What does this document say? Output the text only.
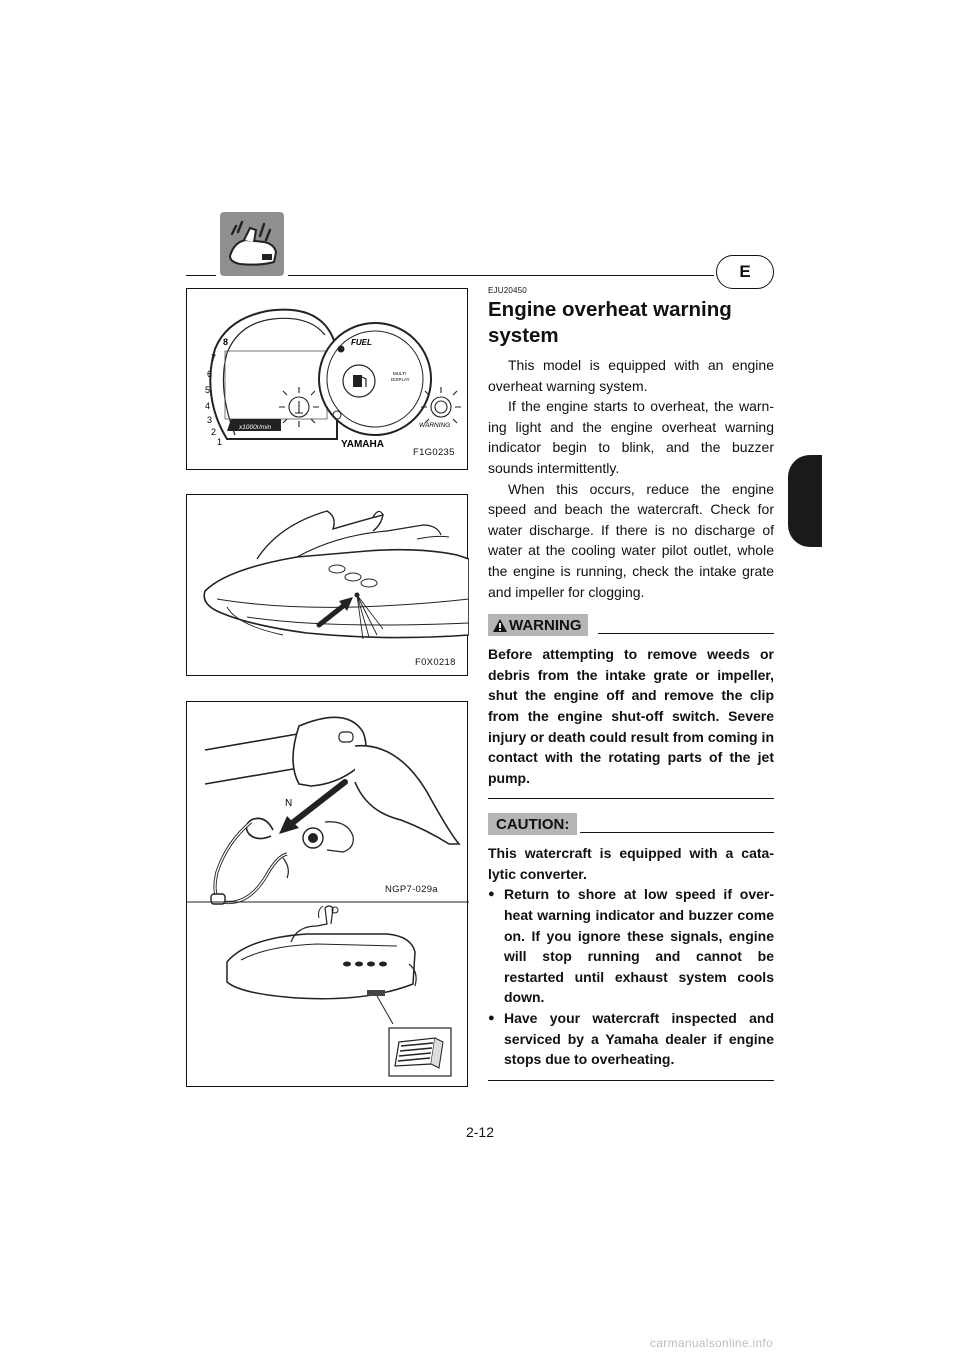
E
8
7
6
5
4
3
2
1
x1000r/min
FUEL
MULTI
DISPLAY
YAMAHA
WARNING
F1G0235
F0X0218
N
NGP7-029a
EJU20450
Engine overheat warning system

This model is equipped with an engine overheat warning system.

If the engine starts to overheat, the warn-ing light and the engine overheat warning indicator begin to blink, and the buzzer sounds intermittently.

When this occurs, reduce the engine speed and beach the watercraft. Check for water discharge. If there is no discharge of water at the cooling water pilot outlet, whole the engine is running, check the intake grate and impeller for clogging.

WARNING

Before attempting to remove weeds or debris from the intake grate or impeller, shut the engine off and remove the clip from the engine shut-off switch. Severe injury or death could result from coming in contact with the rotating parts of the jet pump.

CAUTION:

This watercraft is equipped with a cata-lytic converter.

● Return to shore at low speed if over-heat warning indicator and buzzer come on. If you ignore these signals, engine will stop running and cannot be restarted until exhaust system cools down.
● Have your watercraft inspected and serviced by a Yamaha dealer if engine stops due to overheating.
2-12
carmanualsonline.info
